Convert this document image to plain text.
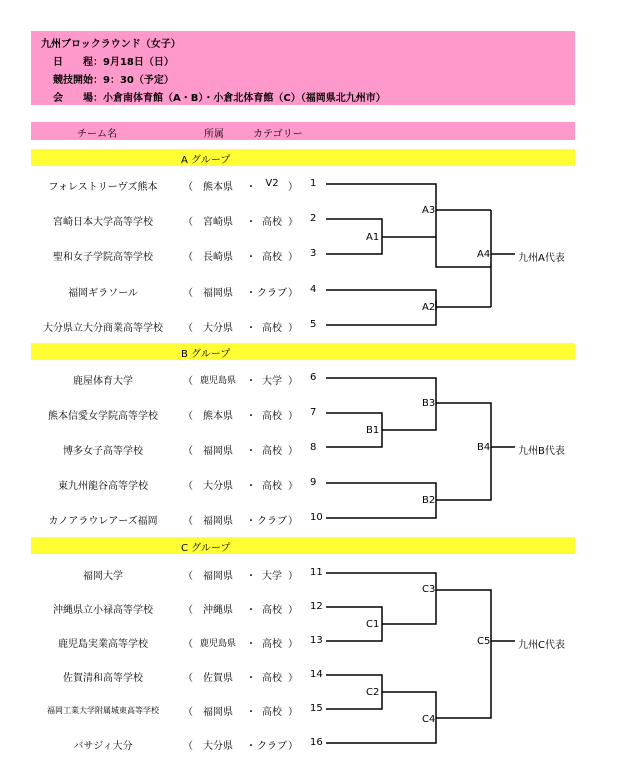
九州ブロックラウンド（女子）
日　　程：9月18日（日）
競技開始：9：30（予定）
会　　場：小倉南体育館（A・B）・小倉北体育館（C）（福岡県北九州市）
チーム名	所属	カテゴリー
A グループ
フォレストリーヴズ熊本	（	熊本県	・ V2 ） 1
宮崎日本大学高等学校	（	宮崎県	・ 高校 ） 2
聖和女子学院高等学校	（	長崎県	・ 高校 ） 3
福岡ギラソール	（	福岡県	・ クラブ ） 4
大分県立大分商業高等学校	（	大分県	・ 高校 ） 5
A1
A2
A3
A4	九州A代表
B グループ
鹿屋体育大学	（ 鹿児島県	・ 大学 ） 6
熊本信愛女学院高等学校	（	熊本県	・ 高校 ） 7
博多女子高等学校	（	福岡県	・ 高校 ） 8
東九州龍谷高等学校	（	大分県	・ 高校 ） 9
カノアラウレアーズ福岡	（	福岡県	・ クラブ ） 10
B1
B2
B3
B4	九州B代表
C グループ
福岡大学	（	福岡県	・ 大学 ） 11
沖縄県立小禄高等学校	（	沖縄県	・ 高校 ） 12
鹿児島実業高等学校	（ 鹿児島県	・ 高校 ） 13
佐賀清和高等学校	（	佐賀県	・ 高校 ） 14
福岡工業大学附属城東高等学校	（	福岡県	・ 高校 ） 15
バサジィ大分	（	大分県	・ クラブ ） 16
C1
C2
C3
C4
C5	九州C代表
